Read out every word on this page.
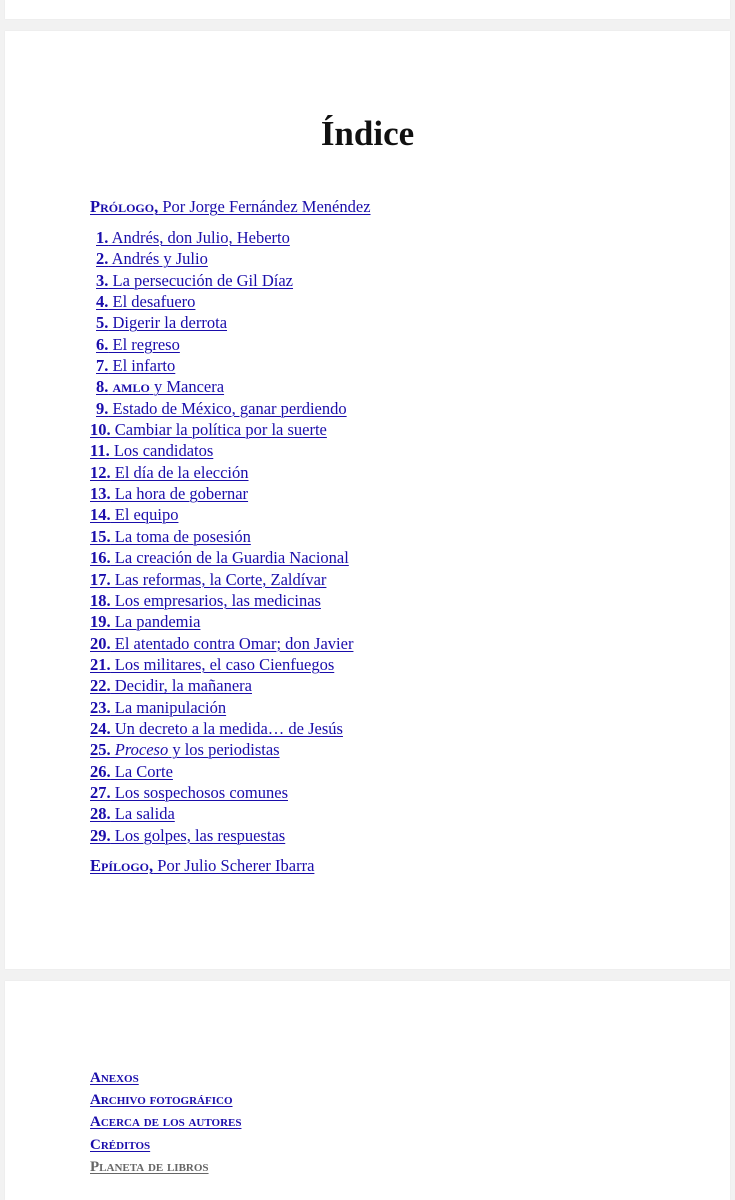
Índice
Prólogo, Por Jorge Fernández Menéndez
1. Andrés, don Julio, Heberto
2. Andrés y Julio
3. La persecución de Gil Díaz
4. El desafuero
5. Digerir la derrota
6. El regreso
7. El infarto
8. amlo y Mancera
9. Estado de México, ganar perdiendo
10. Cambiar la política por la suerte
11. Los candidatos
12. El día de la elección
13. La hora de gobernar
14. El equipo
15. La toma de posesión
16. La creación de la Guardia Nacional
17. Las reformas, la Corte, Zaldívar
18. Los empresarios, las medicinas
19. La pandemia
20. El atentado contra Omar; don Javier
21. Los militares, el caso Cienfuegos
22. Decidir, la mañanera
23. La manipulación
24. Un decreto a la medida… de Jesús
25. Proceso y los periodistas
26. La Corte
27. Los sospechosos comunes
28. La salida
29. Los golpes, las respuestas
Epílogo, Por Julio Scherer Ibarra
Anexos
Archivo fotográfico
Acerca de los autores
Créditos
Planeta de libros
